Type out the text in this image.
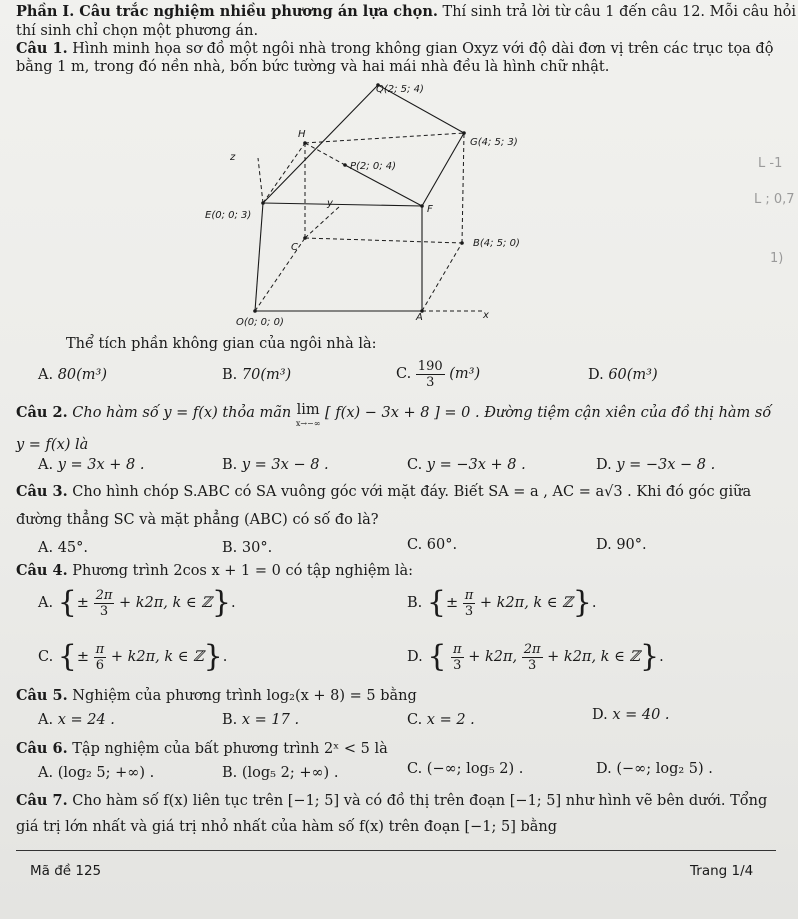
Phần I. Câu trắc nghiệm nhiều phương án lựa chọn. Thí sinh trả lời từ câu 1 đến câu 12. Mỗi câu hỏi
thí sinh chỉ chọn một phương án.
Câu 1. Hình minh họa sơ đồ một ngôi nhà trong không gian Oxyz với độ dài đơn vị trên các trục tọa độ
bằng 1 m, trong đó nền nhà, bốn bức tường và hai mái nhà đều là hình chữ nhật.
Q(2; 5; 4)
H
G(4; 5; 3)
z
P(2; 0; 4)
E(0; 0; 3)
y
F
C	B(4; 5; 0)
O(0; 0; 0)	A	x
Thể tích phần không gian của ngôi nhà là:
A. 80(m³)	B. 70(m³)	C. $\frac{190}{3} (m^3)$	D. 60(m³)
Câu 2. Cho hàm số y = f(x) thỏa mãn lim
x→−∞
[ f(x) − 3x + 8 ] = 0 . Đường tiệm cận xiên của đồ thị hàm số
y = f(x) là
A. y = 3x + 8 .	B. y = 3x − 8 .	C. y = −3x + 8 .	D. y = −3x − 8 .
Câu 3. Cho hình chóp S.ABC có SA vuông góc với mặt đáy. Biết SA = a , AC = a√3 . Khi đó góc giữa
đường thẳng SC và mặt phẳng (ABC) có số đo là?
A. 45°.	B. 30°.	C. 60°.	D. 90°.
Câu 4. Phương trình 2cos x + 1 = 0 có tập nghiệm là:
A. {± $\frac{2\pi}{3} + k2\pi$, k ∈ ℤ}.	B. {± $\frac{\pi}{3} + k2\pi$, k ∈ ℤ}.
C. {± $\frac{\pi}{6} + k2\pi$, k ∈ ℤ}.	D. { $\frac{\pi}{3} + k2\pi$, $\frac{2\pi}{3} + k2\pi$, k ∈ ℤ}.
Câu 5. Nghiệm của phương trình log₂(x + 8) = 5 bằng
A. x = 24 .	B. x = 17 .	C. x = 2 .	D. x = 40 .
Câu 6. Tập nghiệm của bất phương trình 2ˣ < 5 là
A. (log₂ 5; +∞) .	B. (log₅ 2; +∞) .	C. (−∞; log₅ 2) .	D. (−∞; log₂ 5) .
Câu 7. Cho hàm số f(x) liên tục trên [−1; 5] và có đồ thị trên đoạn [−1; 5] như hình vẽ bên dưới. Tổng
giá trị lớn nhất và giá trị nhỏ nhất của hàm số f(x) trên đoạn [−1; 5] bằng
L -1
L ; 0,7
1)
Mã đề 125	Trang 1/4
